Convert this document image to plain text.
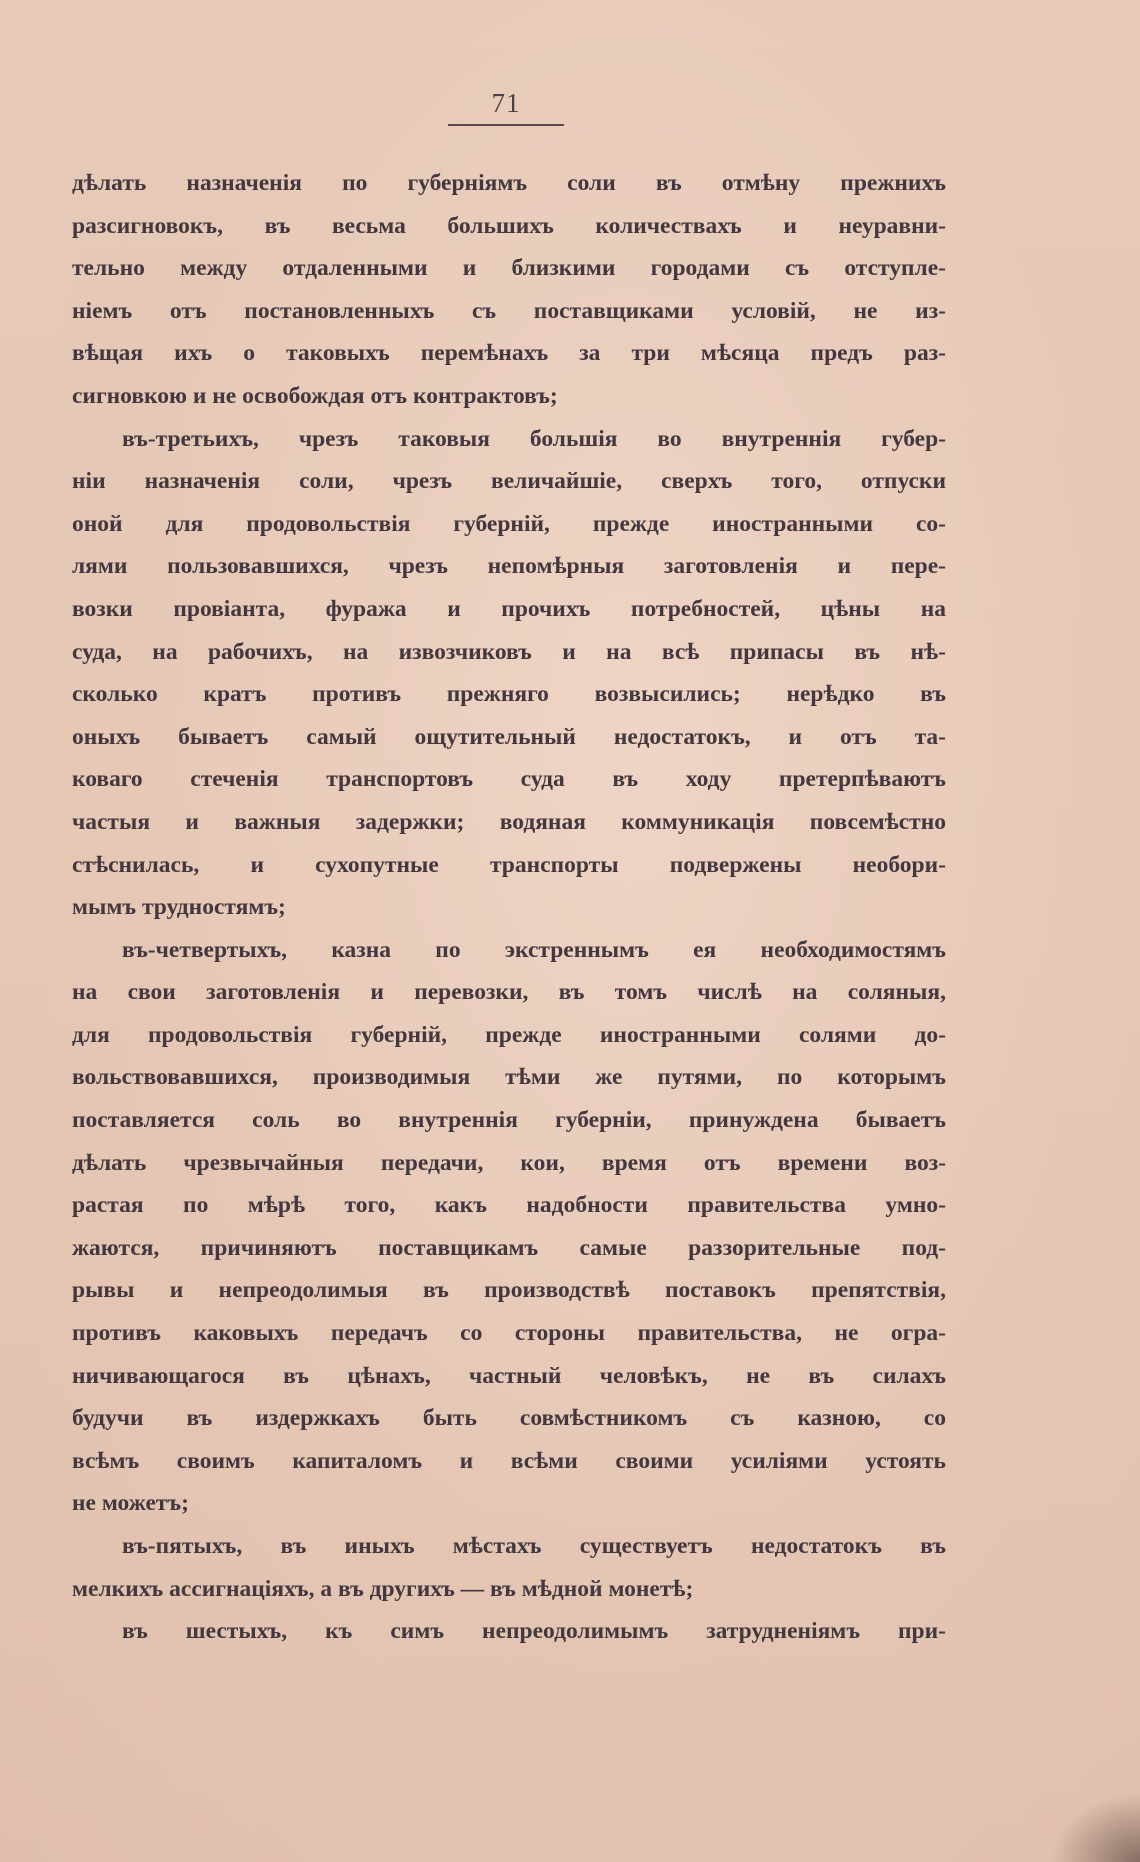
71
дѣлать назначенія по губерніямъ соли въ отмѣну прежнихъ
разсигновокъ, въ весьма большихъ количествахъ и неуравни-
тельно между отдаленными и близкими городами съ отступле-
ніемъ отъ постановленныхъ съ поставщиками условій, не из-
вѣщая ихъ о таковыхъ перемѣнахъ за три мѣсяца предъ раз-
сигновкою и не освобождая отъ контрактовъ;
въ-третьихъ, чрезъ таковыя большія во внутреннія губер-
ніи назначенія соли, чрезъ величайшіе, сверхъ того, отпуски
оной для продовольствія губерній, прежде иностранными со-
лями пользовавшихся, чрезъ непомѣрныя заготовленія и пере-
возки провіанта, фуража и прочихъ потребностей, цѣны на
суда, на рабочихъ, на извозчиковъ и на всѣ припасы въ нѣ-
сколько кратъ противъ прежняго возвысились; нерѣдко въ
оныхъ бываетъ самый ощутительный недостатокъ, и отъ та-
коваго стеченія транспортовъ суда въ ходу претерпѣваютъ
частыя и важныя задержки; водяная коммуникація повсемѣстно
стѣснилась, и сухопутные транспорты подвержены необори-
мымъ трудностямъ;
въ-четвертыхъ, казна по экстреннымъ ея необходимостямъ
на свои заготовленія и перевозки, въ томъ числѣ на соляныя,
для продовольствія губерній, прежде иностранными солями до-
вольствовавшихся, производимыя тѣми же путями, по которымъ
поставляется соль во внутреннія губерніи, принуждена бываетъ
дѣлать чрезвычайныя передачи, кои, время отъ времени воз-
растая по мѣрѣ того, какъ надобности правительства умно-
жаются, причиняютъ поставщикамъ самые раззорительные под-
рывы и непреодолимыя въ производствѣ поставокъ препятствія,
противъ каковыхъ передачъ со стороны правительства, не огра-
ничивающагося въ цѣнахъ, частный человѣкъ, не въ силахъ
будучи въ издержкахъ быть совмѣстникомъ съ казною, со
всѣмъ своимъ капиталомъ и всѣми своими усиліями устоять
не можетъ;
въ-пятыхъ, въ иныхъ мѣстахъ существуетъ недостатокъ въ
мелкихъ ассигнаціяхъ, а въ другихъ — въ мѣдной монетѣ;
въ шестыхъ, къ симъ непреодолимымъ затрудненіямъ при-
